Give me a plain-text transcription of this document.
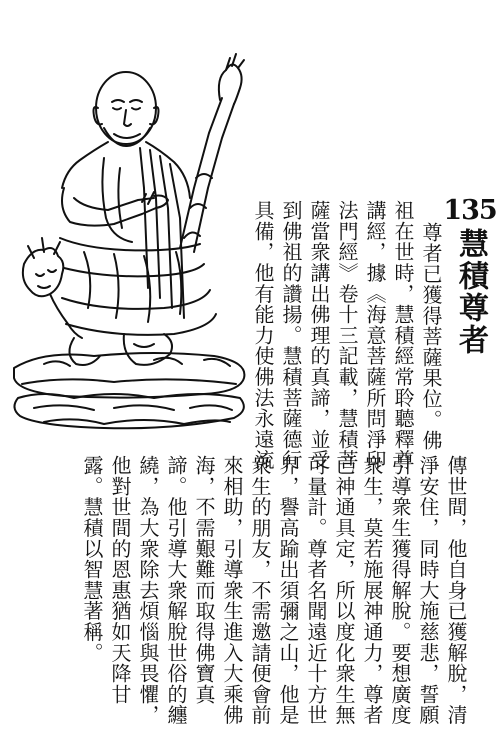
135
慧積尊者
尊者已獲得菩薩果位。佛
祖在世時，慧積經常聆聽釋尊
講經，據《海意菩薩所問淨印
法門經》卷十三記載，慧積菩
薩當衆講出佛理的真諦，並受
到佛祖的讚揚。慧積菩薩德行
具備，他有能力使佛法永遠流
傳世間，他自身已獲解脫，清
淨安住，同時大施慈悲，誓願
引導衆生獲得解脫。要想廣度
衆生，莫若施展神通力，尊者
已神通具定，所以度化衆生無
可量計。尊者名聞遠近十方世
界，譽高踰出須彌之山，他是
衆生的朋友，不需邀請便會前
來相助，引導衆生進入大乘佛
海，不需艱難而取得佛寶真
諦。他引導大衆解脫世俗的纏
繞，為大衆除去煩惱與畏懼，
他對世間的恩惠猶如天降甘
露。慧積以智慧著稱。
